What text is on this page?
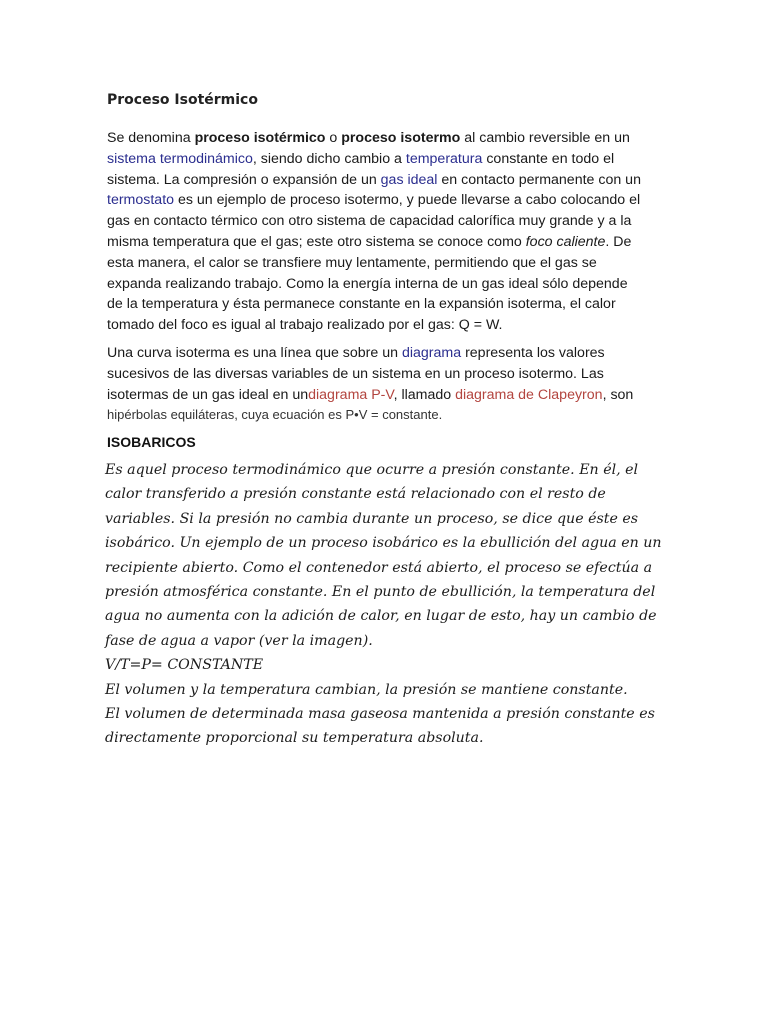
Proceso Isotérmico
Se denomina proceso isotérmico o proceso isotermo al cambio reversible en un sistema termodinámico, siendo dicho cambio a temperatura constante en todo el sistema. La compresión o expansión de un gas ideal en contacto permanente con un termostato es un ejemplo de proceso isotermo, y puede llevarse a cabo colocando el gas en contacto térmico con otro sistema de capacidad calorífica muy grande y a la misma temperatura que el gas; este otro sistema se conoce como foco caliente. De esta manera, el calor se transfiere muy lentamente, permitiendo que el gas se expanda realizando trabajo. Como la energía interna de un gas ideal sólo depende de la temperatura y ésta permanece constante en la expansión isoterma, el calor tomado del foco es igual al trabajo realizado por el gas: Q = W.
Una curva isoterma es una línea que sobre un diagrama representa los valores sucesivos de las diversas variables de un sistema en un proceso isotermo. Las isotermas de un gas ideal en undiagrama P-V, llamado diagrama de Clapeyron, son hipérbolas equiláteras, cuya ecuación es P•V = constante.
ISOBARICOS
Es aquel proceso termodinámico que ocurre a presión constante. En él, el calor transferido a presión constante está relacionado con el resto de variables. Si la presión no cambia durante un proceso, se dice que éste es isobárico. Un ejemplo de un proceso isobárico es la ebullición del agua en un recipiente abierto. Como el contenedor está abierto, el proceso se efectúa a presión atmosférica constante. En el punto de ebullición, la temperatura del agua no aumenta con la adición de calor, en lugar de esto, hay un cambio de fase de agua a vapor (ver la imagen).
V/T=P= CONSTANTE
El volumen y la temperatura cambian, la presión se mantiene constante.
El volumen de determinada masa gaseosa mantenida a presión constante es directamente proporcional su temperatura absoluta.
